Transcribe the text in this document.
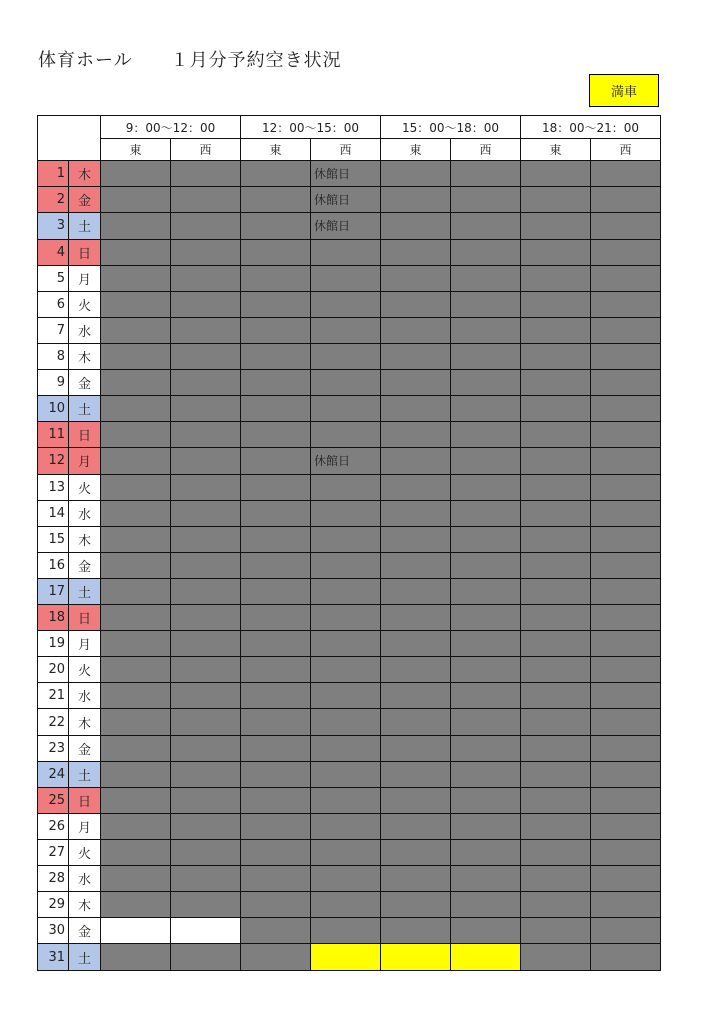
体育ホール　　１月分予約空き状況
満車
		9：00～12：00		12：00～15：00		15：00～18：00		18：00～21：00	
		東	西	東	西	東	西	東	西
1	木				休館日				
2	金				休館日				
3	土				休館日				
4	日								
5	月								
6	火								
7	水								
8	木								
9	金								
10	土								
11	日								
12	月				休館日				
13	火								
14	水								
15	木								
16	金								
17	土								
18	日								
19	月								
20	火								
21	水								
22	木								
23	金								
24	土								
25	日								
26	月								
27	火								
28	水								
29	木								
30	金								
31	土								
